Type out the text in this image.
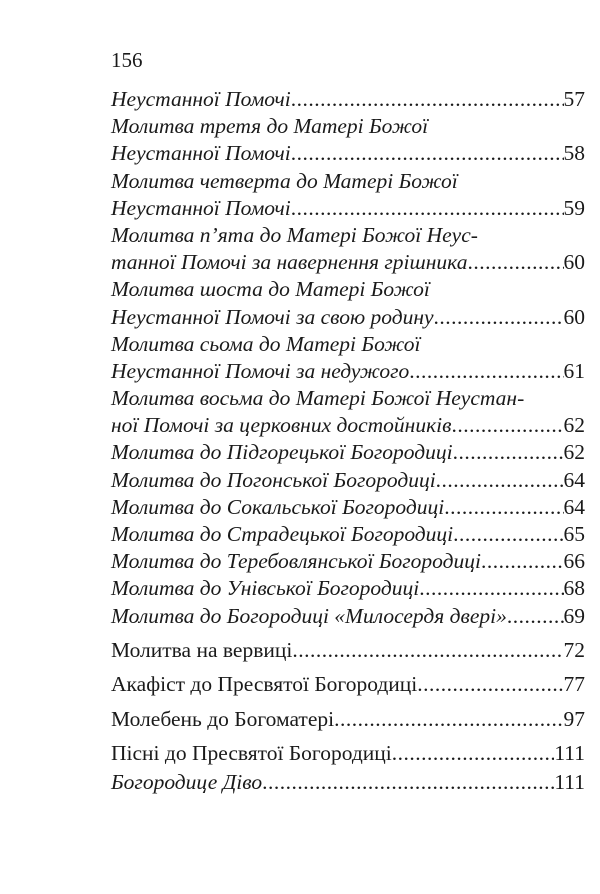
156
Неустанної Помочі .....	57
Молитва третя до Матері Божої
Неустанної Помочі .....	58
Молитва четверта до Матері Божої
Неустанної Помочі .....	59
Молитва п’ята до Матері Божої Неус-
танної Помочі за навернення грішника .....	60
Молитва шоста до Матері Божої
Неустанної Помочі за свою родину .....	60
Молитва сьома до Матері Божої
Неустанної Помочі за недужого .....	61
Молитва восьма до Матері Божої Неустан-
ної Помочі за церковних достойників .....	62
Молитва до Підгорецької Богородиці .....	62
Молитва до Погонської Богородиці .....	64
Молитва до Сокальської Богородиці .....	64
Молитва до Страдецької Богородиці .....	65
Молитва до Теребовлянської Богородиці .....	66
Молитва до Унівської Богородиці .....	68
Молитва до Богородиці «Милосердя двері» .....	69
Молитва на вервиці .....	72
Акафіст до Пресвятої Богородиці .....	77
Молебень до Богоматері .....	97
Пісні до Пресвятої Богородиці .....	111
Богородице Діво .....	111
